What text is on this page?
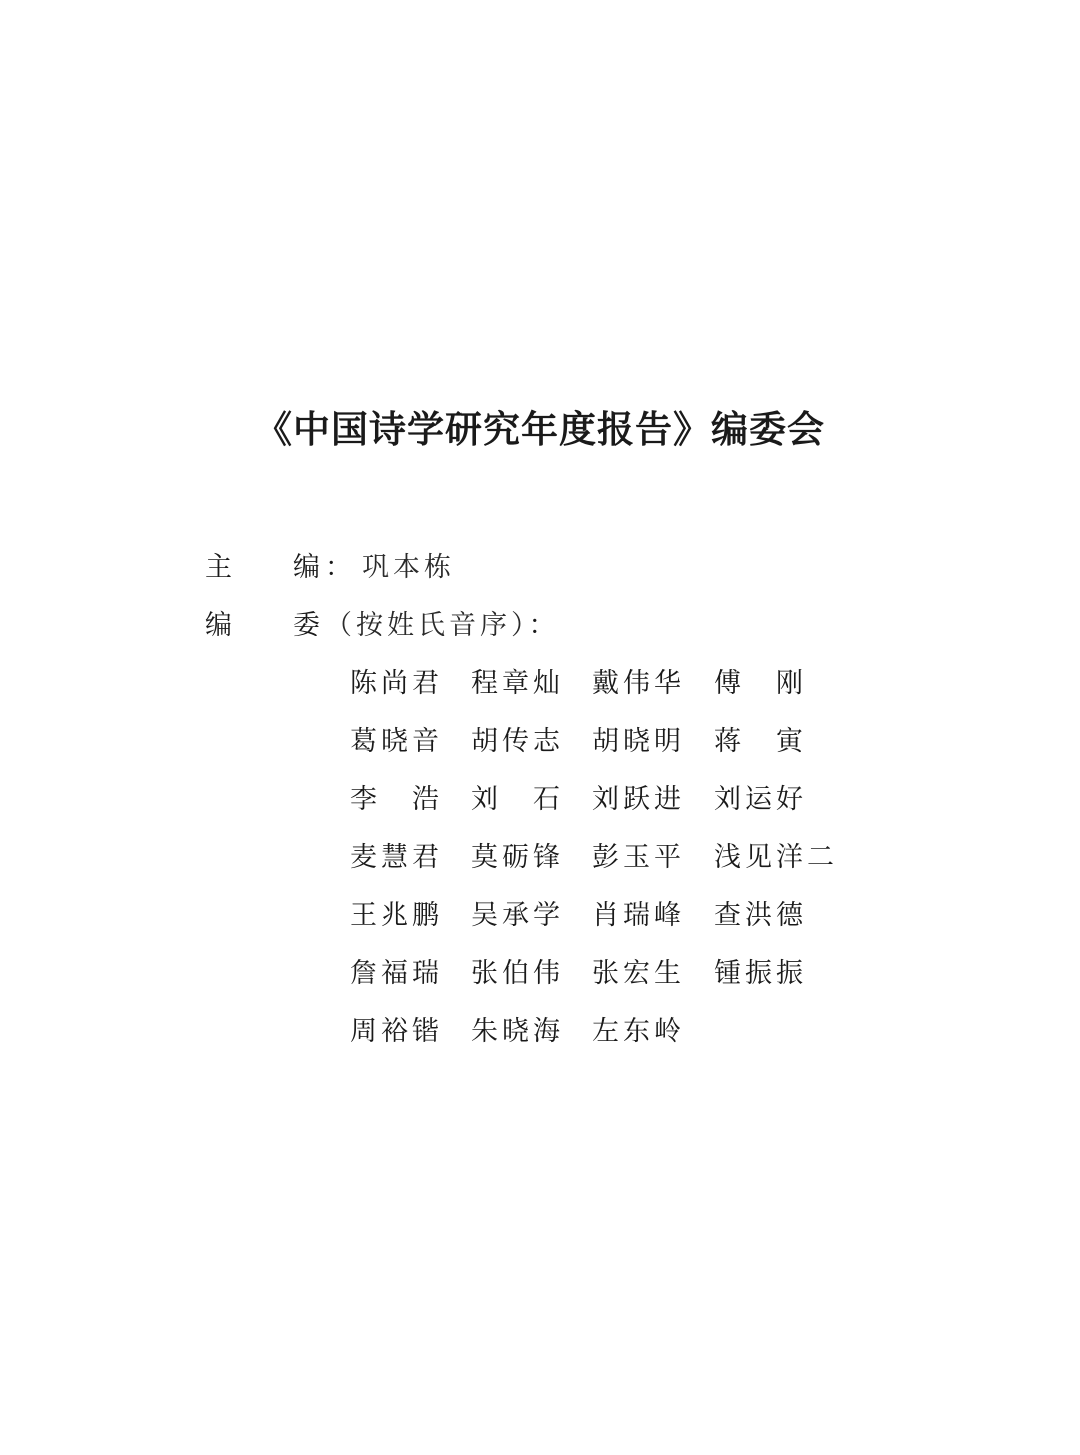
《中国诗学研究年度报告》编委会
主 编 ： 巩本栋
编 委 （按姓氏音序）：
陈尚君 程章灿 戴伟华 傅　刚
葛晓音 胡传志 胡晓明 蒋　寅
李　浩 刘　石 刘跃进 刘运好
麦慧君 莫砺锋 彭玉平 浅见洋二
王兆鹏 吴承学 肖瑞峰 查洪德
詹福瑞 张伯伟 张宏生 锺振振
周裕锴 朱晓海 左东岭
